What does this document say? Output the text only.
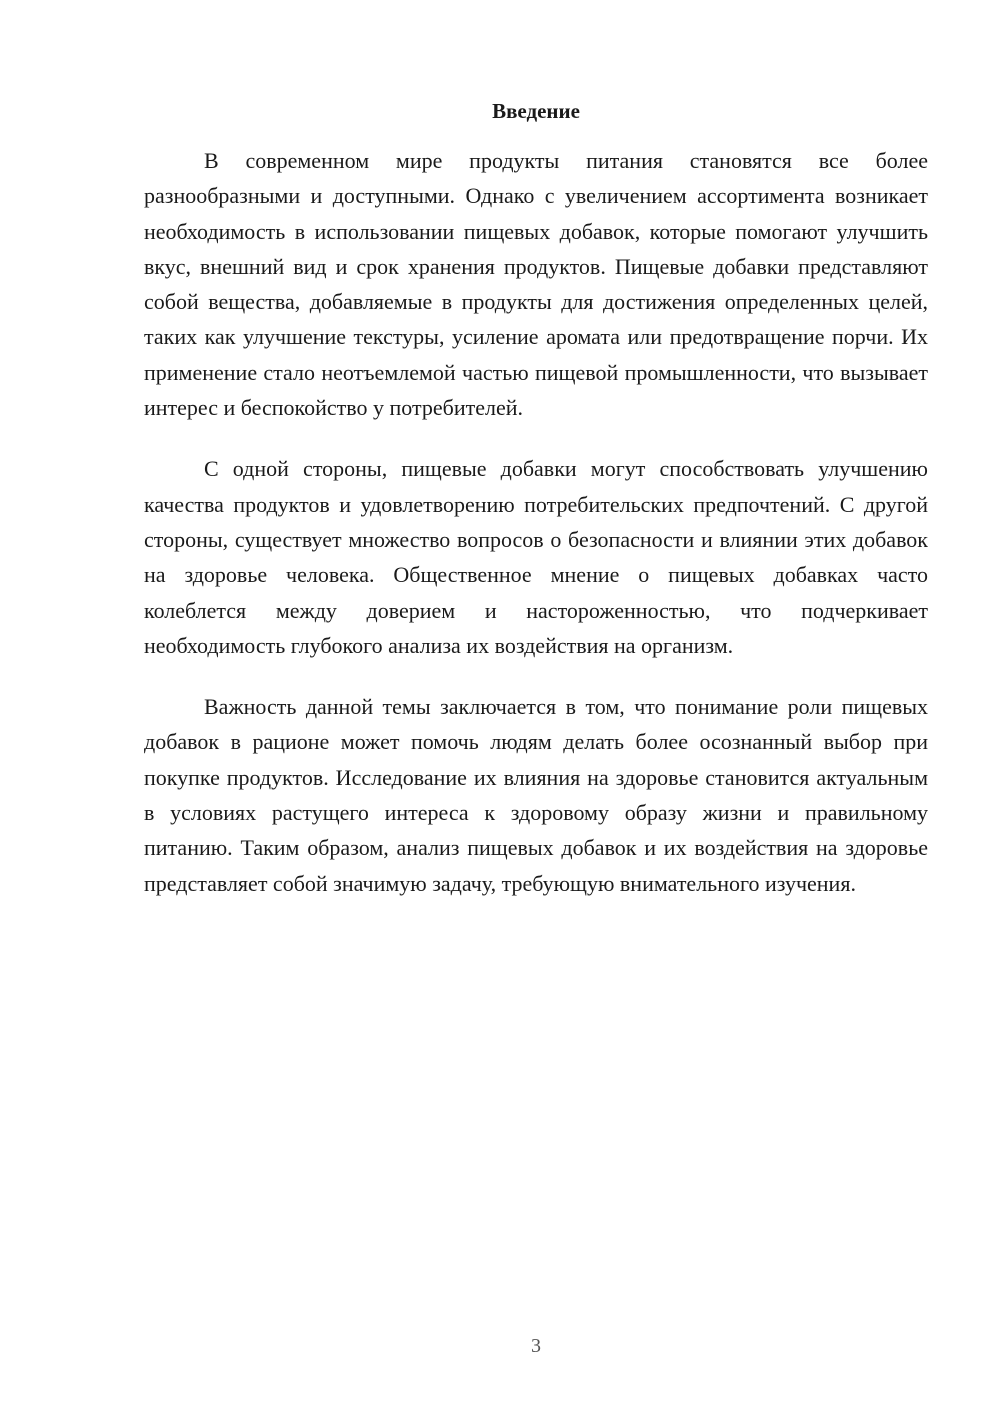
Введение

В современном мире продукты питания становятся все более разнообразными и доступными. Однако с увеличением ассортимента возникает необходимость в использовании пищевых добавок, которые помогают улучшить вкус, внешний вид и срок хранения продуктов. Пищевые добавки представляют собой вещества, добавляемые в продукты для достижения определенных целей, таких как улучшение текстуры, усиление аромата или предотвращение порчи. Их применение стало неотъемлемой частью пищевой промышленности, что вызывает интерес и беспокойство у потребителей.

С одной стороны, пищевые добавки могут способствовать улучшению качества продуктов и удовлетворению потребительских предпочтений. С другой стороны, существует множество вопросов о безопасности и влиянии этих добавок на здоровье человека. Общественное мнение о пищевых добавках часто колеблется между доверием и настороженностью, что подчеркивает необходимость глубокого анализа их воздействия на организм.

Важность данной темы заключается в том, что понимание роли пищевых добавок в рационе может помочь людям делать более осознанный выбор при покупке продуктов. Исследование их влияния на здоровье становится актуальным в условиях растущего интереса к здоровому образу жизни и правильному питанию. Таким образом, анализ пищевых добавок и их воздействия на здоровье представляет собой значимую задачу, требующую внимательного изучения.

3
